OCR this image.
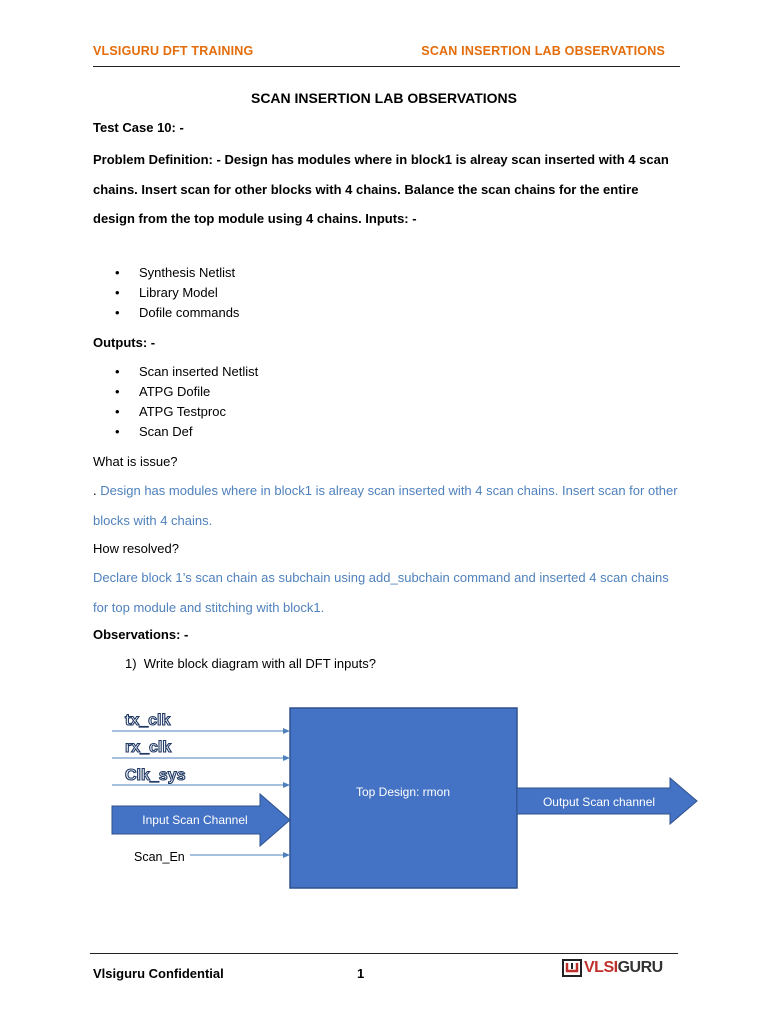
VLSIGURU DFT TRAINING	SCAN INSERTION LAB OBSERVATIONS
SCAN INSERTION LAB OBSERVATIONS
Test Case 10: -
Problem Definition: - Design has modules where in block1 is alreay scan inserted with 4 scan chains. Insert scan for other blocks with 4 chains. Balance the scan chains for the entire design from the top module using 4 chains. Inputs: -
• Synthesis Netlist
• Library Model
• Dofile commands
Outputs: -
• Scan inserted Netlist
• ATPG Dofile
• ATPG Testproc
• Scan Def
What is issue?
. Design has modules where in block1 is alreay scan inserted with 4 scan chains. Insert scan for other blocks with 4 chains.
How resolved?
Declare block 1’s scan chain as subchain using add_subchain command and inserted 4 scan chains for top module and stitching with block1.
Observations: -
1) Write block diagram with all DFT inputs?
Top Design: rmon
tx_clk
rx_clk
Clk_sys
Input Scan Channel
Scan_En
Output Scan channel
Vlsiguru Confidential	1	VLSIGURU
